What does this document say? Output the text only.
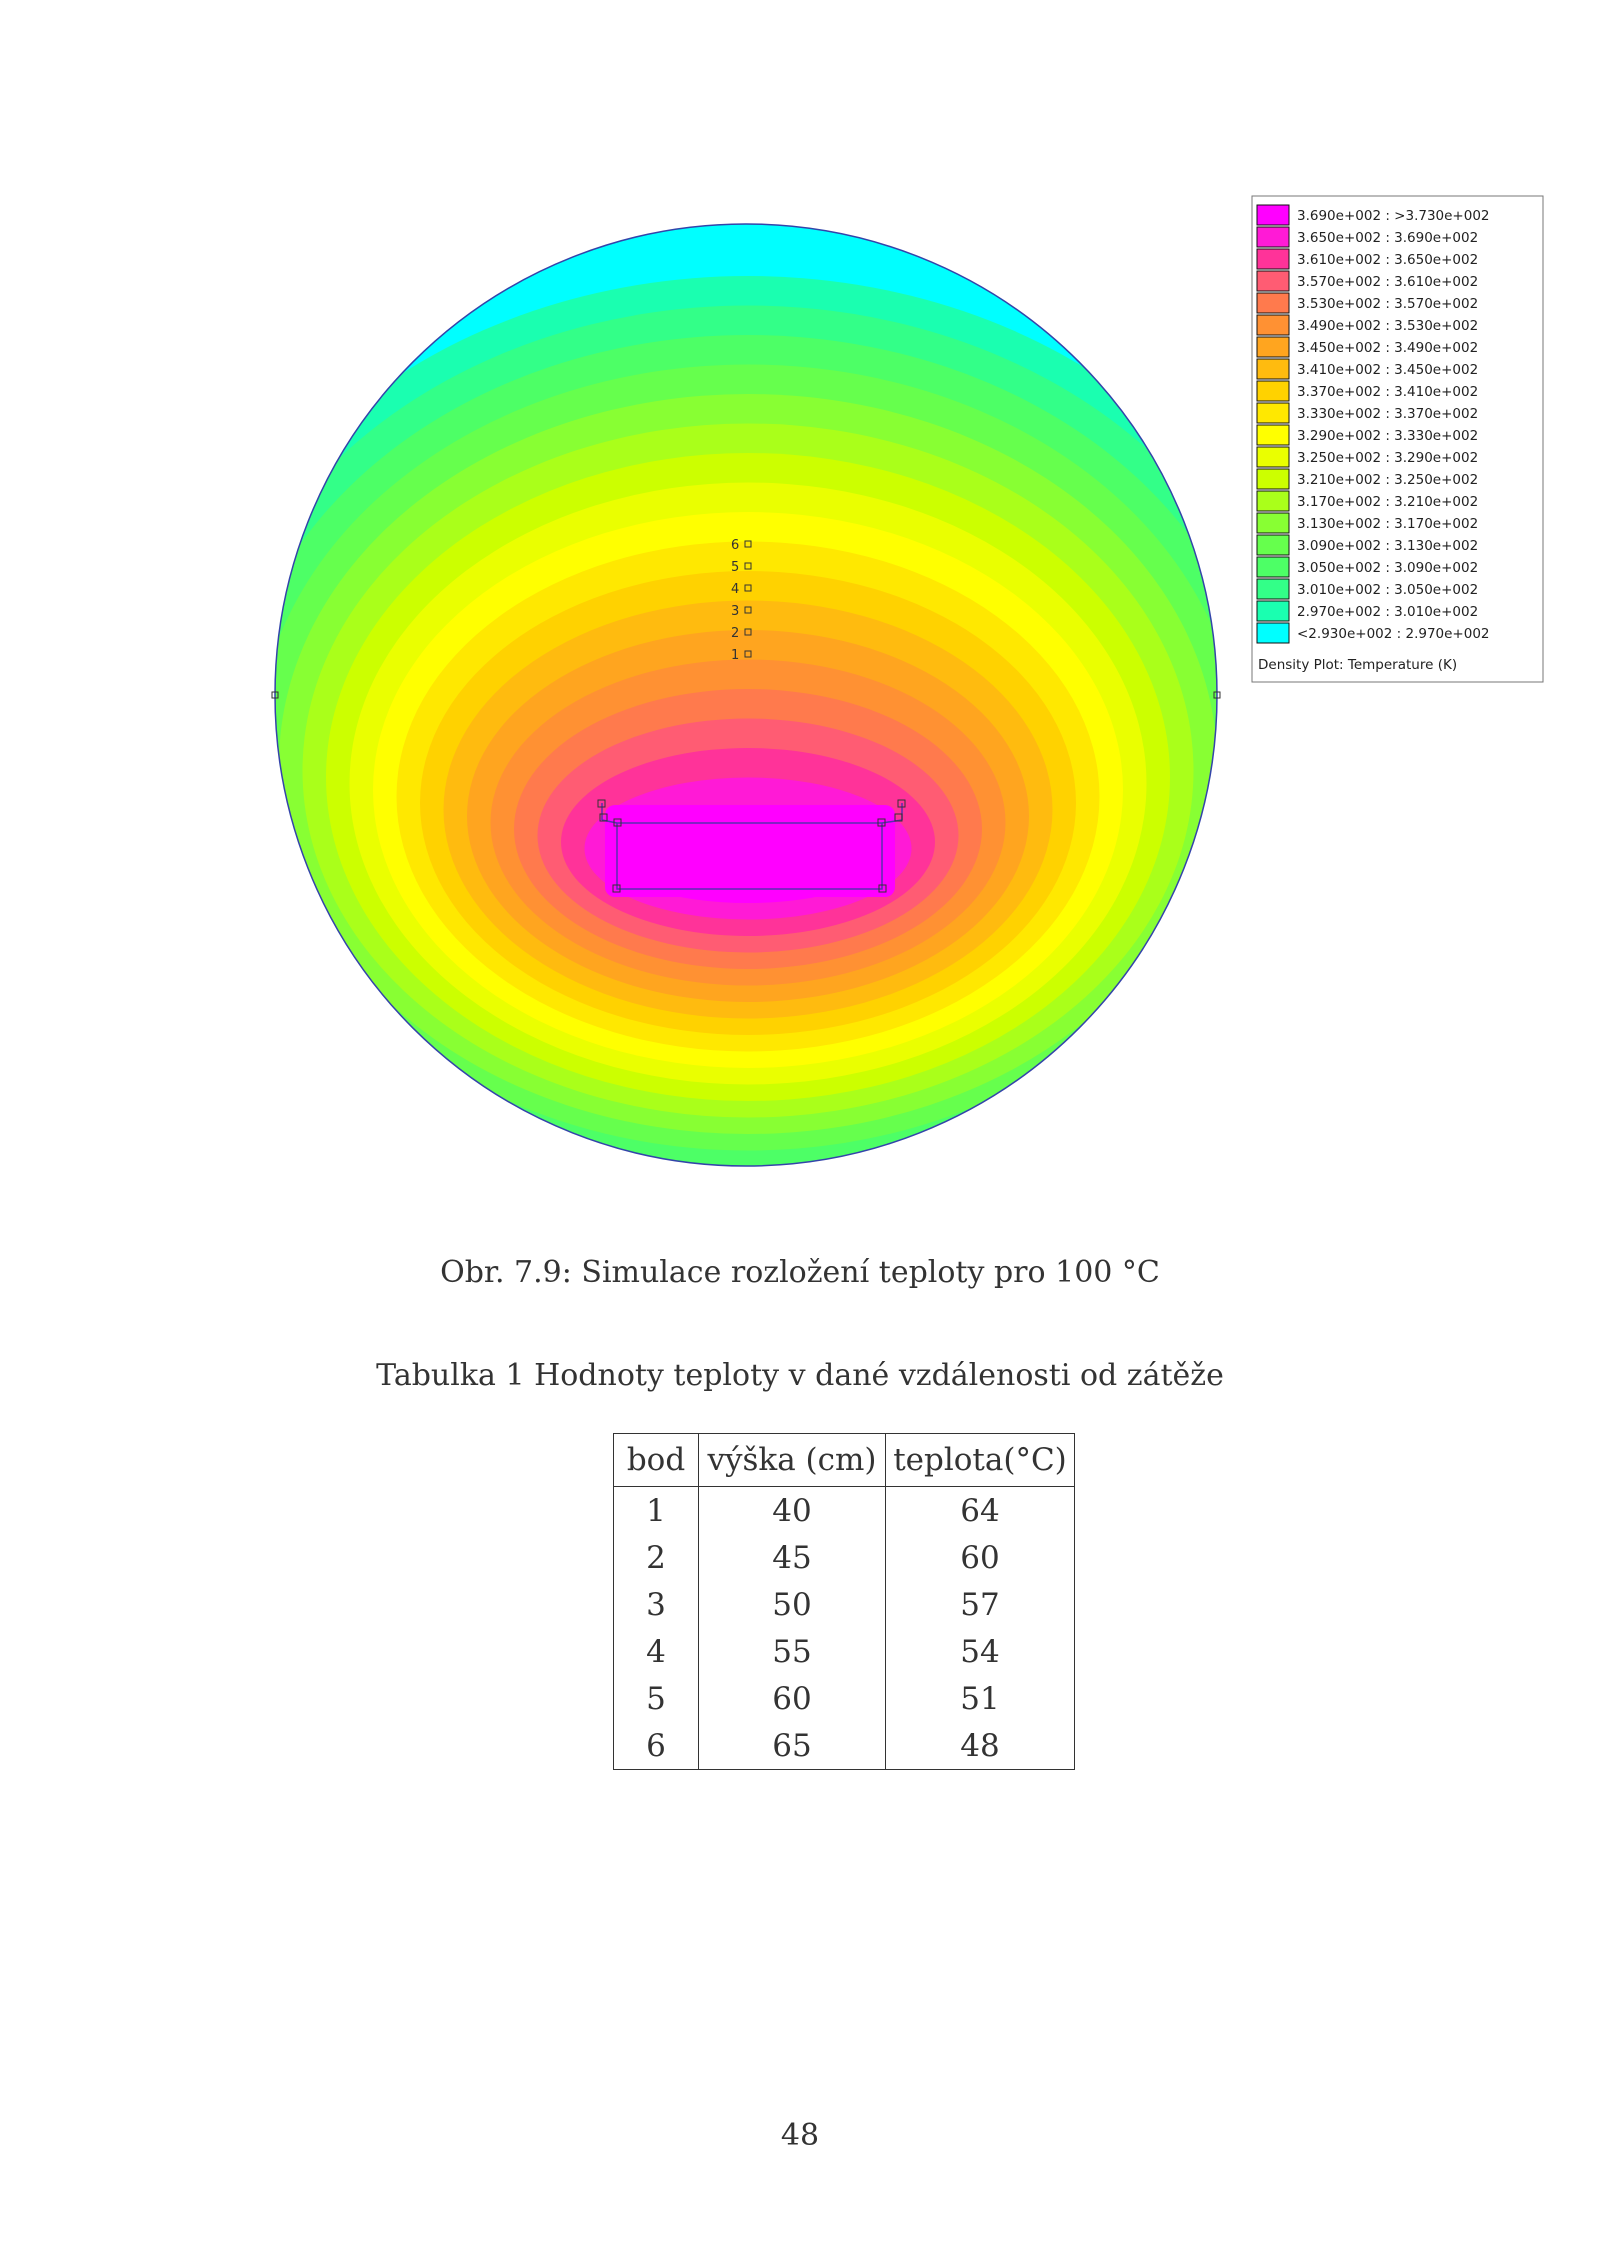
1
2
3
4
5
6
3.690e+002 : >3.730e+002
3.650e+002 : 3.690e+002
3.610e+002 : 3.650e+002
3.570e+002 : 3.610e+002
3.530e+002 : 3.570e+002
3.490e+002 : 3.530e+002
3.450e+002 : 3.490e+002
3.410e+002 : 3.450e+002
3.370e+002 : 3.410e+002
3.330e+002 : 3.370e+002
3.290e+002 : 3.330e+002
3.250e+002 : 3.290e+002
3.210e+002 : 3.250e+002
3.170e+002 : 3.210e+002
3.130e+002 : 3.170e+002
3.090e+002 : 3.130e+002
3.050e+002 : 3.090e+002
3.010e+002 : 3.050e+002
2.970e+002 : 3.010e+002
<2.930e+002 : 2.970e+002
Density Plot: Temperature (K)
Obr. 7.9: Simulace rozložení teploty pro 100 °C
Tabulka 1 Hodnoty teploty v dané vzdálenosti od zátěže
bod	výška (cm)	teplota(°C)
1	40	64
2	45	60
3	50	57
4	55	54
5	60	51
6	65	48
48
